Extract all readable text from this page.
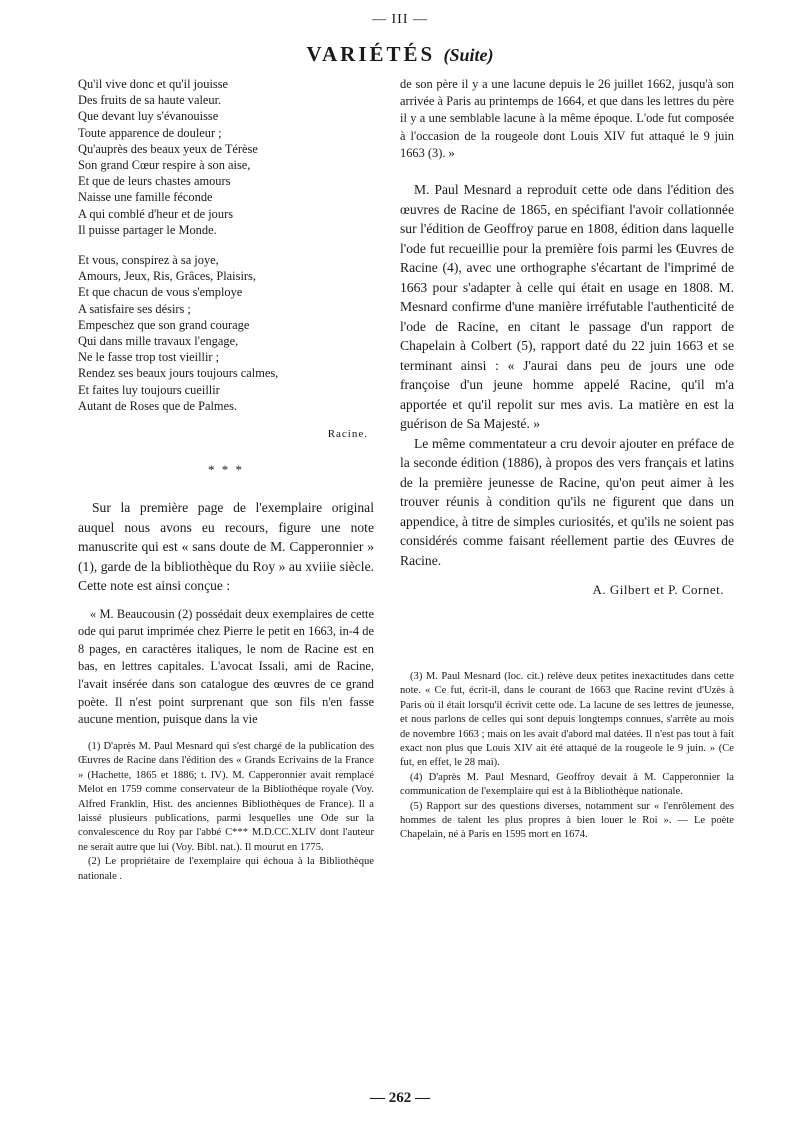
— III —
VARIÉTÉS (Suite)
Qu'il vive donc et qu'il jouisse
Des fruits de sa haute valeur.
Que devant luy s'évanouisse
Toute apparence de douleur ;
Qu'auprès des beaux yeux de Térèse
Son grand Cœur respire à son aise,
Et que de leurs chastes amours
Naisse une famille féconde
A qui comblé d'heur et de jours
Il puisse partager le Monde.
Et vous, conspirez à sa joye,
Amours, Jeux, Ris, Grâces, Plaisirs,
Et que chacun de vous s'employe
A satisfaire ses désirs ;
Empeschez que son grand courage
Qui dans mille travaux l'engage,
Ne le fasse trop tost vieillir ;
Rendez ses beaux jours toujours calmes,
Et faites luy toujours cueillir
Autant de Roses que de Palmes.
Racine.
* * *

Sur la première page de l'exemplaire original auquel nous avons eu recours, figure une note manuscrite qui est « sans doute de M. Capperonnier » (1), garde de la bibliothèque du Roy » au xviiie siècle. Cette note est ainsi conçue :

« M. Beaucousin (2) possédait deux exemplaires de cette ode qui parut imprimée chez Pierre le petit en 1663, in-4 de 8 pages, en caractères italiques, le nom de Racine est en bas, en lettres capitales. L'avocat Issali, ami de Racine, l'avait insérée dans son catalogue des œuvres de ce grand poète. Il n'est point surprenant que son fils n'en fasse aucune mention, puisque dans la vie

(1) D'après M. Paul Mesnard qui s'est chargé de la publication des Œuvres de Racine dans l'édition des « Grands Ecrivains de la France » (Hachette, 1865 et 1886; t. IV). M. Capperonnier avait remplacé Melot en 1759 comme conservateur de la Bibliothèque royale (Voy. Alfred Franklin, Hist. des anciennes Bibliothèques de France). Il a laissé plusieurs publications, parmi lesquelles une Ode sur la convalescence du Roy par l'abbé C*** M.D.CC.XLIV dont l'auteur ne serait autre que lui (Voy. Bibl. nat.). Il mourut en 1775.

(2) Le propriétaire de l'exemplaire qui échoua à la Bibliothèque nationale .

de son père il y a une lacune depuis le 26 juillet 1662, jusqu'à son arrivée à Paris au printemps de 1664, et que dans les lettres du père il y a une semblable lacune à la même époque. L'ode fut composée à l'occasion de la rougeole dont Louis XIV fut attaqué le 9 juin 1663 (3). »

M. Paul Mesnard a reproduit cette ode dans l'édition des œuvres de Racine de 1865, en spécifiant l'avoir collationnée sur l'édition de Geoffroy parue en 1808, édition dans laquelle l'ode fut recueillie pour la première fois parmi les Œuvres de Racine (4), avec une orthographe s'écartant de l'imprimé de 1663 pour s'adapter à celle qui était en usage en 1808. M. Mesnard confirme d'une manière irréfutable l'authenticité de l'ode de Racine, en citant le passage d'un rapport de Chapelain à Colbert (5), rapport daté du 22 juin 1663 et se terminant ainsi : « J'aurai dans peu de jours une ode françoise d'un jeune homme appelé Racine, qu'il m'a apportée et qu'il repolit sur mes avis. La matière en est la guérison de Sa Majesté. »

Le même commentateur a cru devoir ajouter en préface de la seconde édition (1886), à propos des vers français et latins de la première jeunesse de Racine, qu'on peut aimer à les trouver réunis à condition qu'ils ne figurent que dans un appendice, à titre de simples curiosités, et qu'ils ne soient pas considérés comme faisant réellement partie des Œuvres de Racine.

A. Gilbert et P. Cornet.

(3) M. Paul Mesnard (loc. cit.) relève deux petites inexactitudes dans cette note. « Ce fut, écrit-il, dans le courant de 1663 que Racine revint d'Uzès à Paris où il était lorsqu'il écrivit cette ode. La lacune de ses lettres de jeunesse, et nous parlons de celles qui sont depuis longtemps connues, s'arrête au mois de novembre 1663 ; mais on les avait d'abord mal datées. Il n'est pas tout à fait exact non plus que Louis XIV ait été attaqué de la rougeole le 9 juin. » (Ce fut, en effet, le 28 mai).

(4) D'après M. Paul Mesnard, Geoffroy devait à M. Capperonnier la communication de l'exemplaire qui est à la Bibliothèque nationale.

(5) Rapport sur des questions diverses, notamment sur « l'enrôlement des hommes de talent les plus propres à bien louer le Roi ». — Le poète Chapelain, né à Paris en 1595 mort en 1674.

— 262 —
